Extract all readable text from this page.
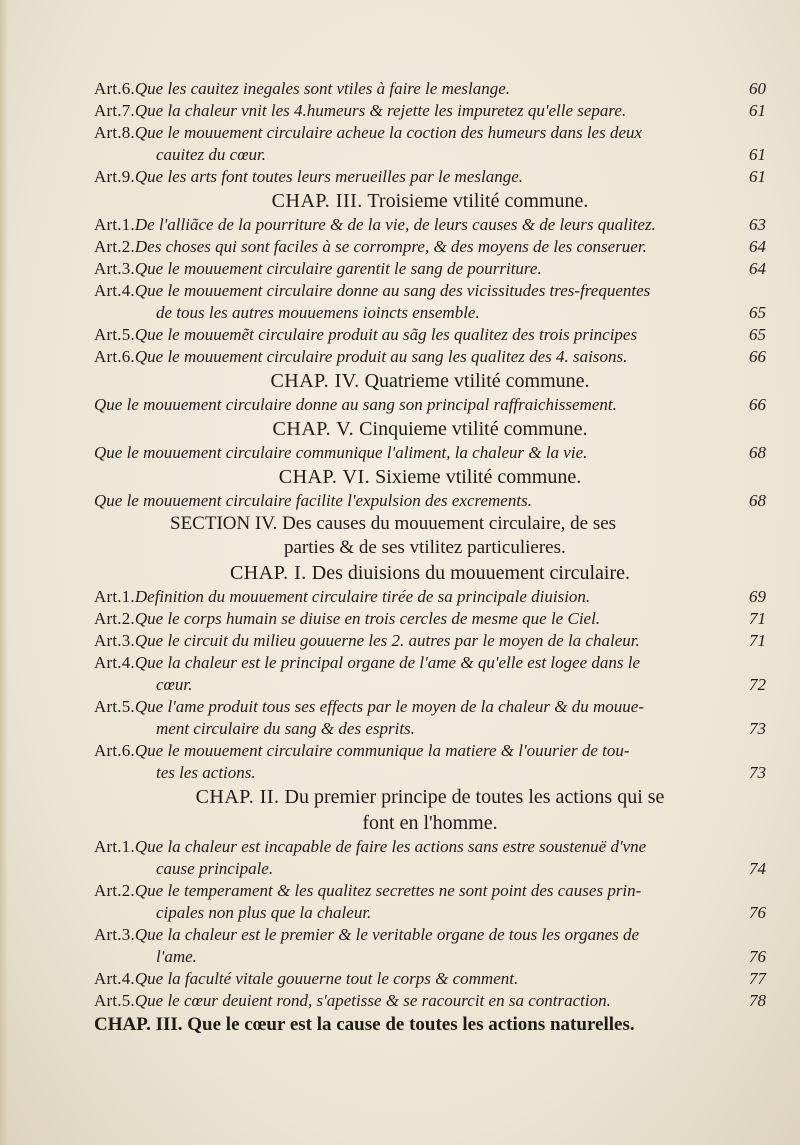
Art.6.Que les cauitez inegales sont vtiles à faire le meslange.	60
Art.7.Que la chaleur vnit les 4.humeurs & rejette les impuretez qu'elle separe.	61
Art.8.Que le mouuement circulaire acheue la coction des humeurs dans les deux
cauitez du cœur.	61
Art.9.Que les arts font toutes leurs merueilles par le meslange.	61
CHAP. III. Troisieme vtilité commune.
Art.1.De l'alliãce de la pourriture & de la vie, de leurs causes & de leurs qualitez.	63
Art.2.Des choses qui sont faciles à se corrompre, & des moyens de les conseruer.	64
Art.3.Que le mouuement circulaire garentit le sang de pourriture.	64
Art.4.Que le mouuement circulaire donne au sang des vicissitudes tres-frequentes
de tous les autres mouuemens ioincts ensemble.	65
Art.5.Que le mouuemẽt circulaire produit au sãg les qualitez des trois principes	65
Art.6.Que le mouuement circulaire produit au sang les qualitez des 4. saisons.	66
CHAP. IV. Quatrieme vtilité commune.
Que le mouuement circulaire donne au sang son principal raffraichissement.	66
CHAP. V. Cinquieme vtilité commune.
Que le mouuement circulaire communique l'aliment, la chaleur & la vie.	68
CHAP. VI. Sixieme vtilité commune.
Que le mouuement circulaire facilite l'expulsion des excrements.	68
SECTION IV. Des causes du mouuement circulaire, de ses
parties & de ses vtilitez particulieres.
CHAP. I. Des diuisions du mouuement circulaire.
Art.1.Definition du mouuement circulaire tirée de sa principale diuision.	69
Art.2.Que le corps humain se diuise en trois cercles de mesme que le Ciel.	71
Art.3.Que le circuit du milieu gouuerne les 2. autres par le moyen de la chaleur.	71
Art.4.Que la chaleur est le principal organe de l'ame & qu'elle est logee dans le
cœur.	72
Art.5.Que l'ame produit tous ses effects par le moyen de la chaleur & du mouue-
ment circulaire du sang & des esprits.	73
Art.6.Que le mouuement circulaire communique la matiere & l'ouurier de tou-
tes les actions.	73
CHAP. II. Du premier principe de toutes les actions qui se
font en l'homme.
Art.1.Que la chaleur est incapable de faire les actions sans estre soustenuë d'vne
cause principale.	74
Art.2.Que le temperament & les qualitez secrettes ne sont point des causes prin-
cipales non plus que la chaleur.	76
Art.3.Que la chaleur est le premier & le veritable organe de tous les organes de
l'ame.	76
Art.4.Que la faculté vitale gouuerne tout le corps & comment.	77
Art.5.Que le cœur deuient rond, s'apetisse & se racourcit en sa contraction.	78
CHAP. III. Que le cœur est la cause de toutes les actions naturelles.
